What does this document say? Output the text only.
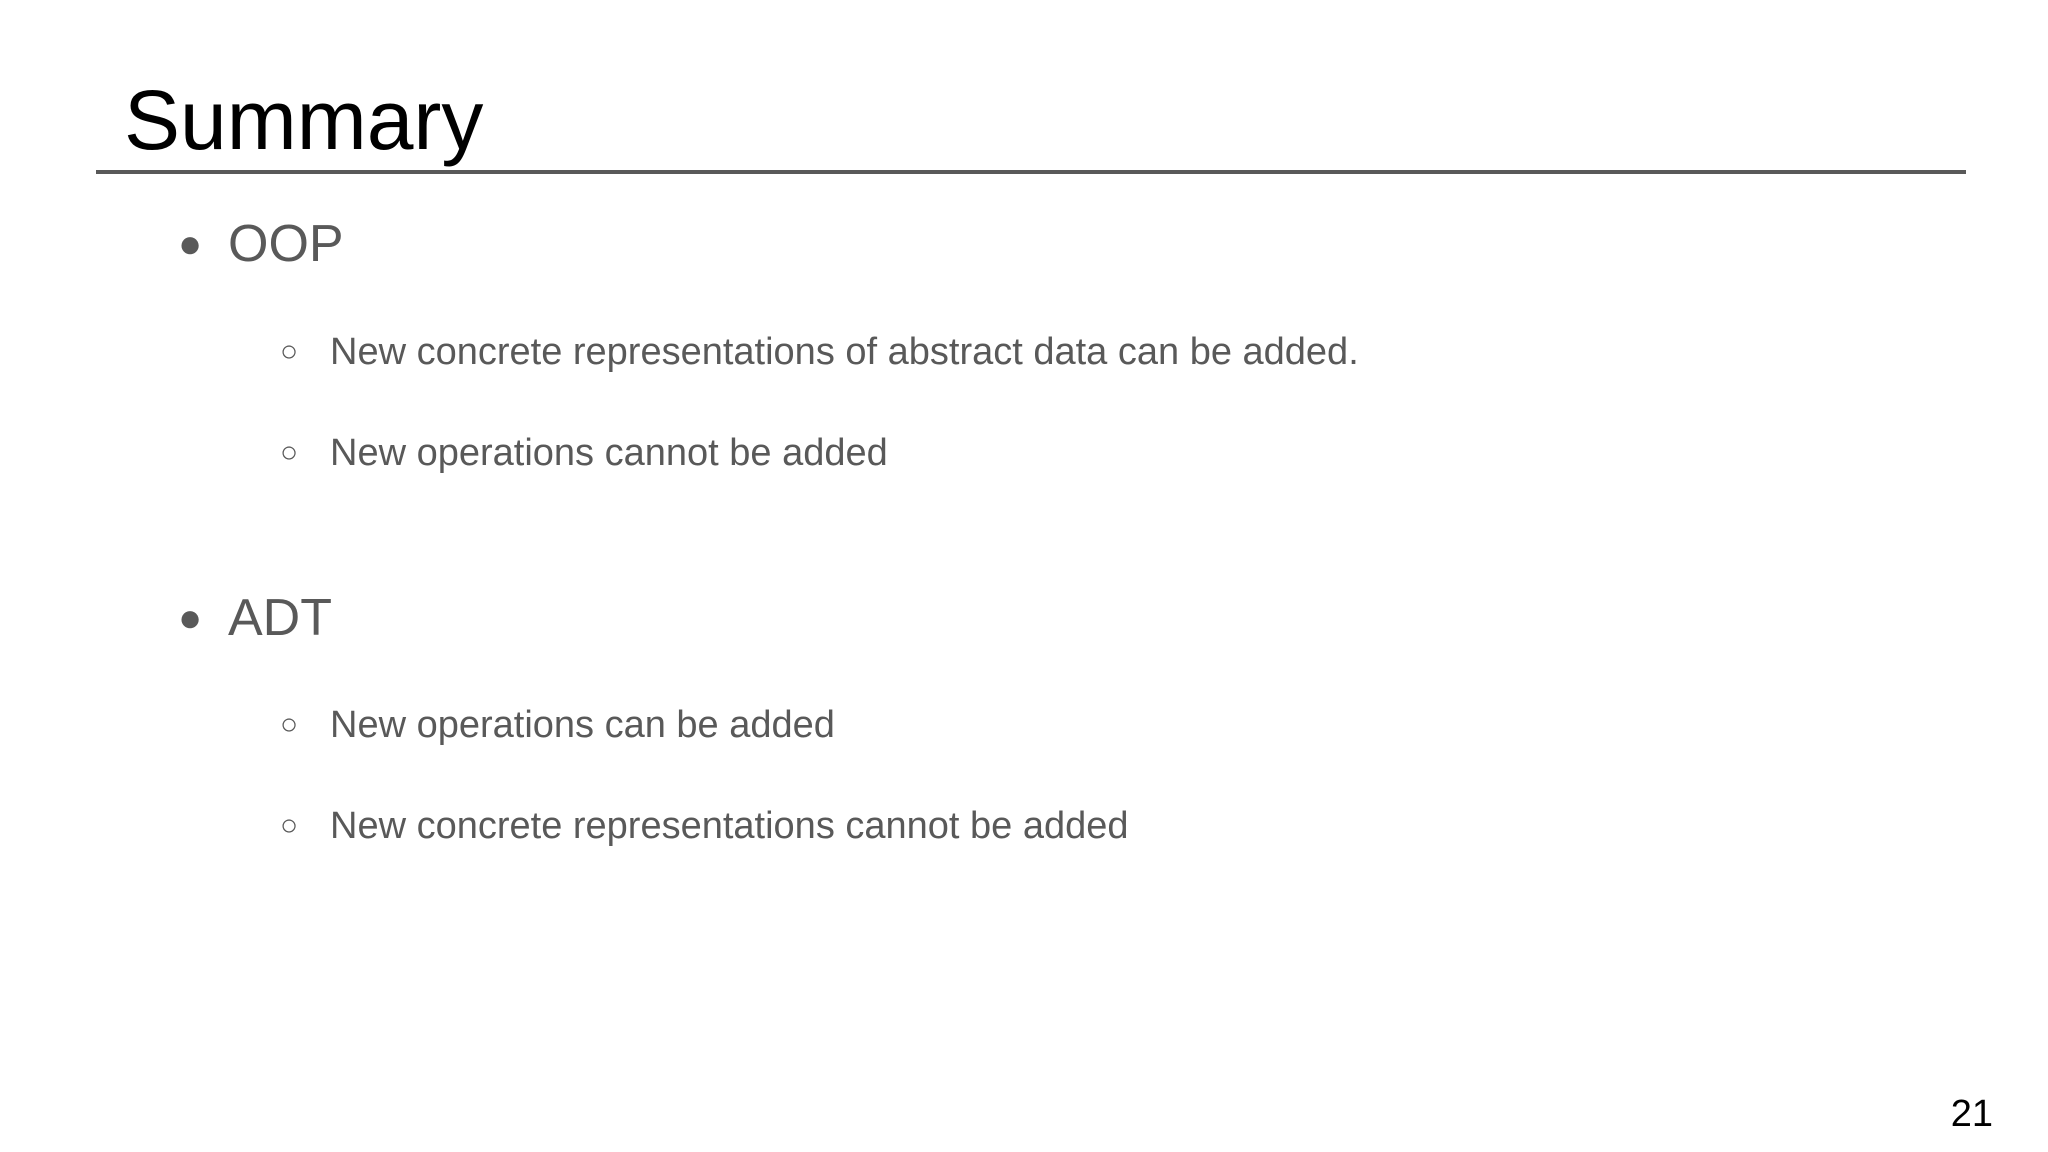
Summary
● OOP
○ New concrete representations of abstract data can be added.
○ New operations cannot be added
● ADT
○ New operations can be added
○ New concrete representations cannot be added
21
